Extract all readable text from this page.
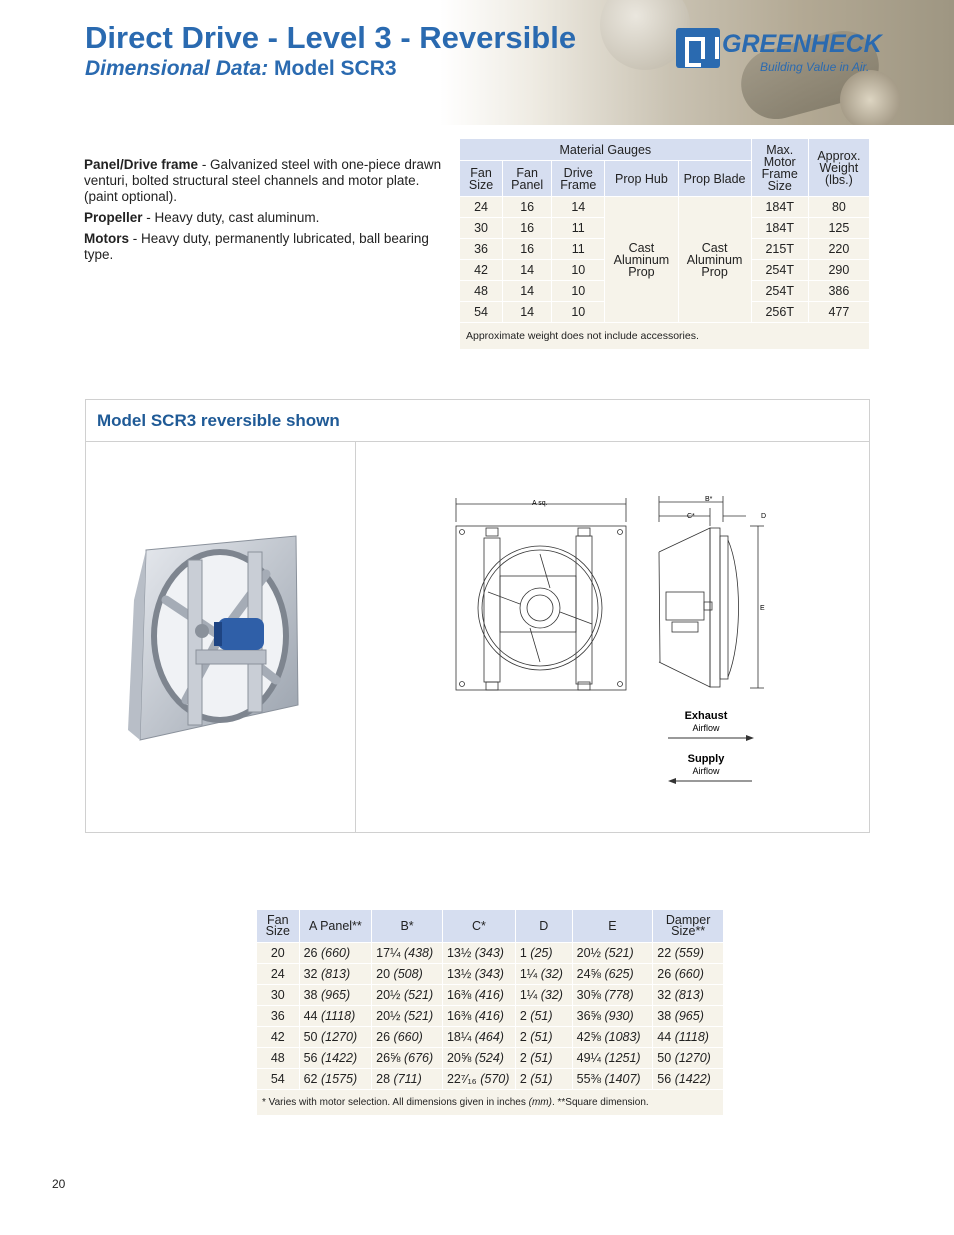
Direct Drive - Level 3 - Reversible
Dimensional Data: Model SCR3
GREENHECK
Building Value in Air.

Panel/Drive frame - Galvanized steel with one-piece drawn venturi, bolted structural steel channels and motor plate. (paint optional).

Propeller - Heavy duty, cast aluminum.

Motors - Heavy duty, permanently lubricated, ball bearing type.

Material Gauges					Max. Motor Frame Size	Approx. Weight (lbs.)
Fan Size	Fan Panel	Drive Frame	Prop Hub	Prop Blade		
24	16	14	Cast Aluminum Prop	Cast Aluminum Prop	184T	80
30	16	11			184T	125
36	16	11			215T	220
42	14	10			254T	290
48	14	10			254T	386
54	14	10			256T	477
Approximate weight does not include accessories.						
Model SCR3 reversible shown
A sq.
B*
C*	D
E
Exhaust
Airflow
Supply
Airflow
Fan Size	A Panel**	B*	C*	D	E	Damper Size**
20	26 (660)	17¼ (438)	13½ (343)	1 (25)	20½ (521)	22 (559)
24	32 (813)	20 (508)	13½ (343)	1¼ (32)	24⅝ (625)	26 (660)
30	38 (965)	20½ (521)	16⅜ (416)	1¼ (32)	30⅝ (778)	32 (813)
36	44 (1118)	20½ (521)	16⅜ (416)	2 (51)	36⅝ (930)	38 (965)
42	50 (1270)	26 (660)	18¼ (464)	2 (51)	42⅝ (1083)	44 (1118)
48	56 (1422)	26⅝ (676)	20⅝ (524)	2 (51)	49¼ (1251)	50 (1270)
54	62 (1575)	28 (711)	22⁷⁄₁₆ (570)	2 (51)	55⅜ (1407)	56 (1422)
* Varies with motor selection. All dimensions given in inches (mm). **Square dimension.						
20
